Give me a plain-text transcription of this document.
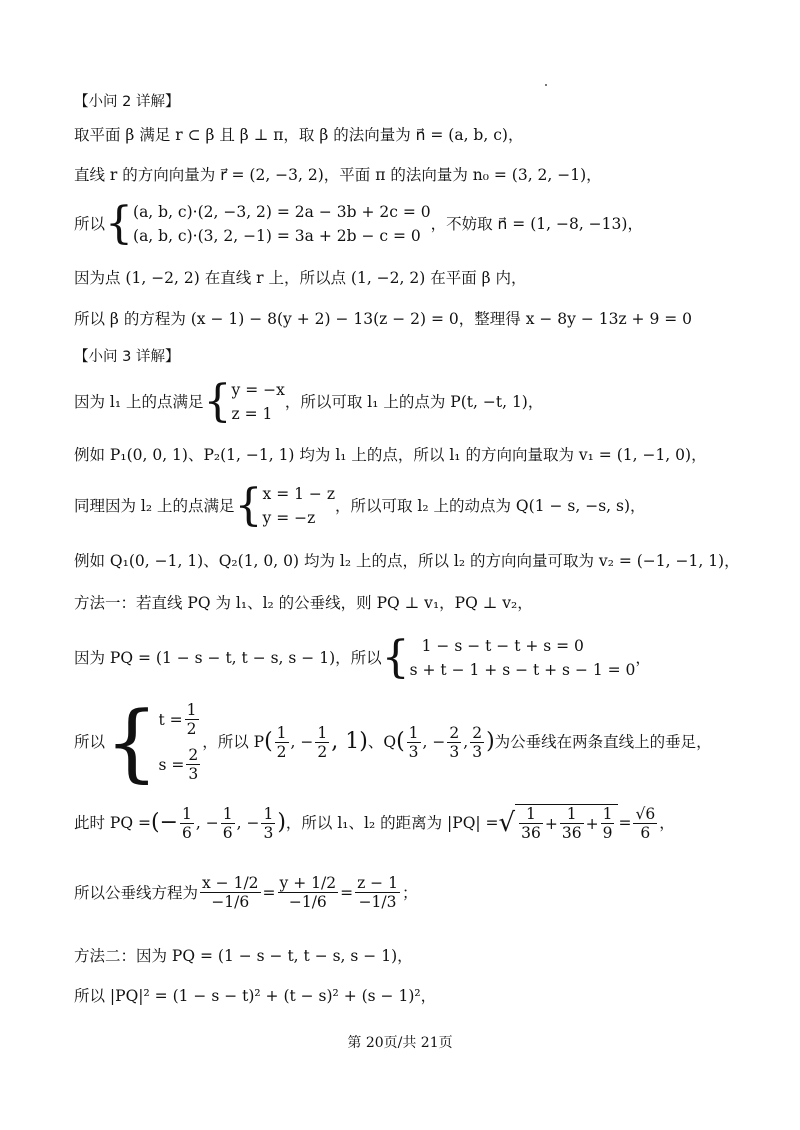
【小问 2 详解】
取平面 β 满足 r ⊂ β 且 β ⊥ π，取 β 的法向量为 n⃗ = (a, b, c)，
直线 r 的方向向量为 r⃗ = (2, −3, 2)，平面 π 的法向量为 n₀ = (3, 2, −1)，
所以{ (a, b, c)·(2, −3, 2) = 2a − 3b + 2c = 0
(a, b, c)·(3, 2, −1) = 3a + 2b − c = 0
，不妨取 n⃗ = (1, −8, −13)，
因为点 (1, −2, 2) 在直线 r 上，所以点 (1, −2, 2) 在平面 β 内，
所以 β 的方程为 (x − 1) − 8(y + 2) − 13(z − 2) = 0，整理得 x − 8y − 13z + 9 = 0
【小问 3 详解】
因为 l₁ 上的点满足{ y = −x
z = 1
，所以可取 l₁ 上的点为 P(t, −t, 1)，
例如 P₁(0, 0, 1)、P₂(1, −1, 1) 均为 l₁ 上的点，所以 l₁ 的方向向量取为 v₁ = (1, −1, 0)，
同理因为 l₂ 上的点满足{ x = 1 − z
y = −z
，所以可取 l₂ 上的动点为 Q(1 − s, −s, s)，
例如 Q₁(0, −1, 1)、Q₂(1, 0, 0) 均为 l₂ 上的点，所以 l₂ 的方向向量可取为 v₂ = (−1, −1, 1)，
方法一：若直线 PQ 为 l₁、l₂ 的公垂线，则 PQ ⊥ v₁，PQ ⊥ v₂，
因为 PQ = (1 − s − t, t − s, s − 1)，所以{ 1 − s − t − t + s = 0
s + t − 1 + s − t + s − 1 = 0
，
所以{ $t = \frac{1}{2}$
$s = \frac{2}{3}$
，所以 $P( \frac{1}{2}$ , − $\frac{1}{2}$ , 1)、$Q( \frac{1}{3}$ , − $\frac{2}{3}$ , $\frac{2}{3}$ )为公垂线在两条直线上的垂足，
此时 PQ =(− $\frac{1}{6}$ , − $\frac{1}{6}$ , − $\frac{1}{3}$ )，所以 l₁、l₂ 的距离为 |PQ| =√ $\frac{1}{36} + \frac{1}{36} + \frac{1}{9} = \frac{√6}{6}$ ，
所以公垂线方程为 $\frac{x - 1/2}{-1/6} = \frac{y + 1/2}{-1/6} = \frac{z - 1}{-1/3}$ ；
方法二：因为 PQ = (1 − s − t, t − s, s − 1)，
所以 |PQ|² = (1 − s − t)² + (t − s)² + (s − 1)²，
第 20页/共 21页
